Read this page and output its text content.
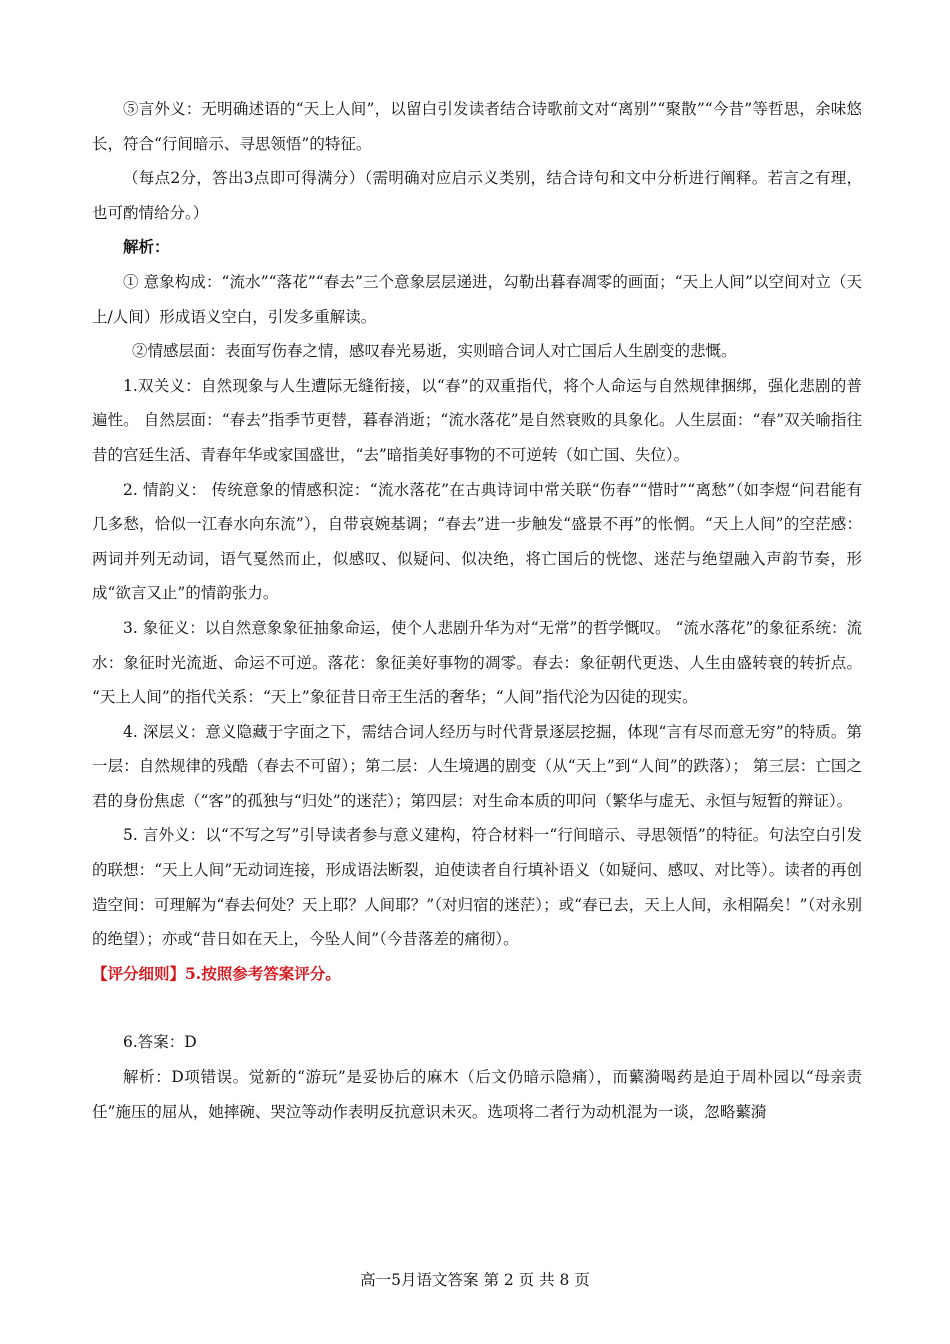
⑤言外义：无明确述语的“天上人间”，以留白引发读者结合诗歌前文对“离别”“聚散”“今昔”等哲思，余味悠长，符合“行间暗示、寻思领悟”的特征。

（每点2分，答出3点即可得满分）（需明确对应启示义类别，结合诗句和文中分析进行阐释。若言之有理，也可酌情给分。）

解析：

① 意象构成：“流水”“落花”“春去”三个意象层层递进，勾勒出暮春凋零的画面；“天上人间”以空间对立（天上/人间）形成语义空白，引发多重解读。

②情感层面：表面写伤春之情，感叹春光易逝，实则暗合词人对亡国后人生剧变的悲慨。

1.双关义：自然现象与人生遭际无缝衔接，以“春”的双重指代，将个人命运与自然规律捆绑，强化悲剧的普遍性。 自然层面：“春去”指季节更替，暮春消逝；“流水落花”是自然衰败的具象化。人生层面：“春”双关喻指往昔的宫廷生活、青春年华或家国盛世，“去”暗指美好事物的不可逆转（如亡国、失位）。

2. 情韵义： 传统意象的情感积淀：“流水落花”在古典诗词中常关联“伤春”“惜时”“离愁”（如李煜“问君能有几多愁，恰似一江春水向东流”），自带哀婉基调；“春去”进一步触发“盛景不再”的怅惘。“天上人间”的空茫感：两词并列无动词，语气戛然而止，似感叹、似疑问、似决绝，将亡国后的恍惚、迷茫与绝望融入声韵节奏，形成“欲言又止”的情韵张力。

3. 象征义：以自然意象象征抽象命运，使个人悲剧升华为对“无常”的哲学慨叹。 “流水落花”的象征系统：流水：象征时光流逝、命运不可逆。落花：象征美好事物的凋零。春去：象征朝代更迭、人生由盛转衰的转折点。 “天上人间”的指代关系：“天上”象征昔日帝王生活的奢华；“人间”指代沦为囚徒的现实。

4. 深层义：意义隐藏于字面之下，需结合词人经历与时代背景逐层挖掘，体现“言有尽而意无穷”的特质。第一层：自然规律的残酷（春去不可留）；第二层：人生境遇的剧变（从“天上”到“人间”的跌落）； 第三层：亡国之君的身份焦虑（“客”的孤独与“归处”的迷茫）；第四层：对生命本质的叩问（繁华与虚无、永恒与短暂的辩证）。

5. 言外义：以“不写之写”引导读者参与意义建构，符合材料一“行间暗示、寻思领悟”的特征。句法空白引发的联想：“天上人间”无动词连接，形成语法断裂，迫使读者自行填补语义（如疑问、感叹、对比等）。读者的再创造空间：可理解为“春去何处？天上耶？人间耶？”（对归宿的迷茫）；或“春已去，天上人间，永相隔矣！”（对永别的绝望）；亦或“昔日如在天上，今坠人间”（今昔落差的痛彻）。

【评分细则】5.按照参考答案评分。

6.答案：D

解析：D项错误。觉新的“游玩”是妥协后的麻木（后文仍暗示隐痛），而蘩漪喝药是迫于周朴园以“母亲责任”施压的屈从，她摔碗、哭泣等动作表明反抗意识未灭。选项将二者行为动机混为一谈，忽略蘩漪

高一5月语文答案 第 2 页 共 8 页
